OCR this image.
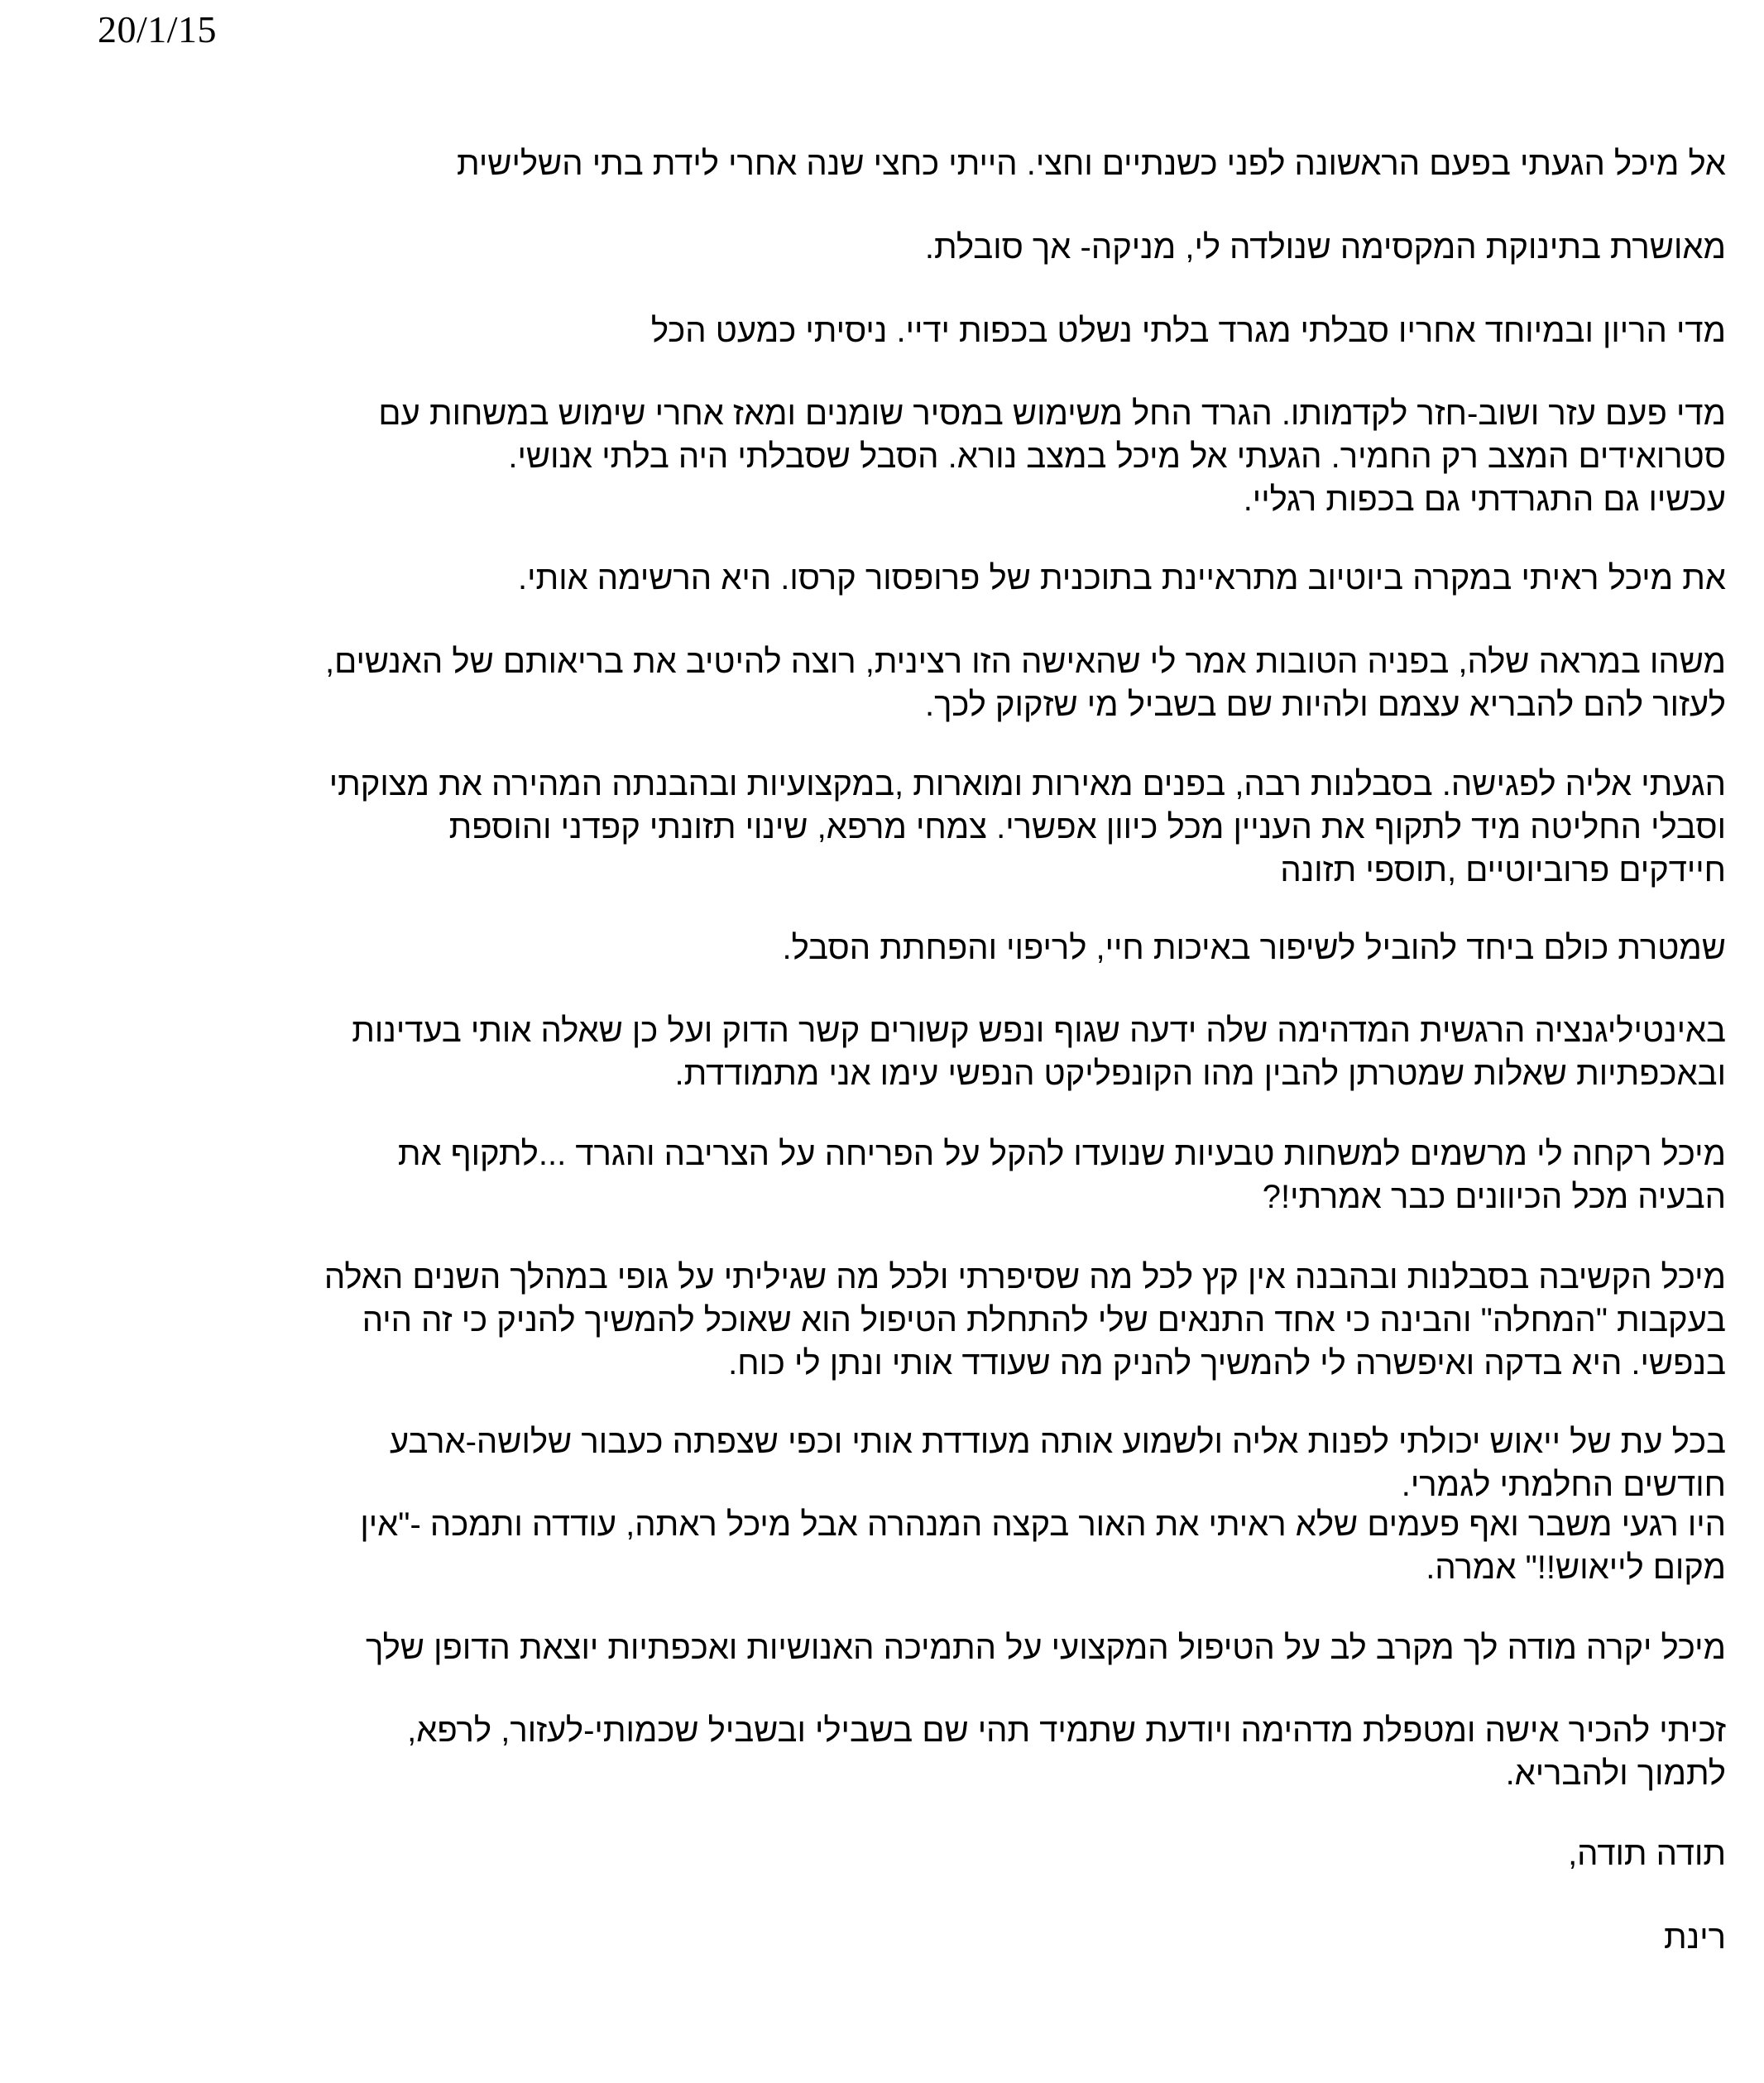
20/1/15
אל מיכל הגעתי בפעם הראשונה לפני כשנתיים וחצי. הייתי כחצי שנה אחרי לידת בתי השלישית
מאושרת בתינוקת המקסימה שנולדה לי, מניקה- אך סובלת.
מדי הריון ובמיוחד אחריו סבלתי מגרד בלתי נשלט בכפות ידיי. ניסיתי כמעט הכל
מדי פעם עזר ושוב-חזר לקדמותו. הגרד החל משימוש במסיר שומנים ומאז אחרי שימוש במשחות עם
סטרואידים המצב רק החמיר. הגעתי אל מיכל במצב נורא. הסבל שסבלתי היה בלתי אנושי.
עכשיו גם התגרדתי גם בכפות רגליי.
את מיכל ראיתי במקרה ביוטיוב מתראיינת בתוכנית של פרופסור קרסו. היא הרשימה אותי.
משהו במראה שלה, בפניה הטובות אמר לי שהאישה הזו רצינית, רוצה להיטיב את בריאותם של האנשים,
לעזור להם להבריא עצמם ולהיות שם בשביל מי שזקוק לכך.
הגעתי אליה לפגישה. בסבלנות רבה, בפנים מאירות ומוארות ,במקצועיות ובהבנתה המהירה את מצוקתי
וסבלי החליטה מיד לתקוף את העניין מכל כיוון אפשרי. צמחי מרפא, שינוי תזונתי קפדני והוספת
חיידקים פרוביוטיים ,תוספי תזונה
שמטרת כולם ביחד להוביל לשיפור באיכות חיי, לריפוי והפחתת הסבל.
באינטיליגנציה הרגשית המדהימה שלה ידעה שגוף ונפש קשורים קשר הדוק ועל כן שאלה אותי בעדינות
ובאכפתיות שאלות שמטרתן להבין מהו הקונפליקט הנפשי עימו אני מתמודדת.
מיכל רקחה לי מרשמים למשחות טבעיות שנועדו להקל על הפריחה על הצריבה והגרד ...לתקוף את
הבעיה מכל הכיוונים כבר אמרתי!?
מיכל הקשיבה בסבלנות ובהבנה אין קץ לכל מה שסיפרתי ולכל מה שגיליתי על גופי במהלך השנים האלה
בעקבות "המחלה" והבינה כי אחד התנאים שלי להתחלת הטיפול הוא שאוכל להמשיך להניק כי זה היה
בנפשי. היא בדקה ואיפשרה לי להמשיך להניק מה שעודד אותי ונתן לי כוח.
בכל עת של ייאוש יכולתי לפנות אליה ולשמוע אותה מעודדת אותי וכפי שצפתה כעבור שלושה-ארבע
חודשים החלמתי לגמרי.
היו רגעי משבר ואף פעמים שלא ראיתי את האור בקצה המנהרה אבל מיכל ראתה, עודדה ותמכה -"אין
מקום לייאוש!!" אמרה.
מיכל יקרה מודה לך מקרב לב על הטיפול המקצועי על התמיכה האנושיות ואכפתיות יוצאת הדופן שלך
זכיתי להכיר אישה ומטפלת מדהימה ויודעת שתמיד תהי שם בשבילי ובשביל שכמותי-לעזור, לרפא,
לתמוך ולהבריא.
תודה תודה,
רינת
